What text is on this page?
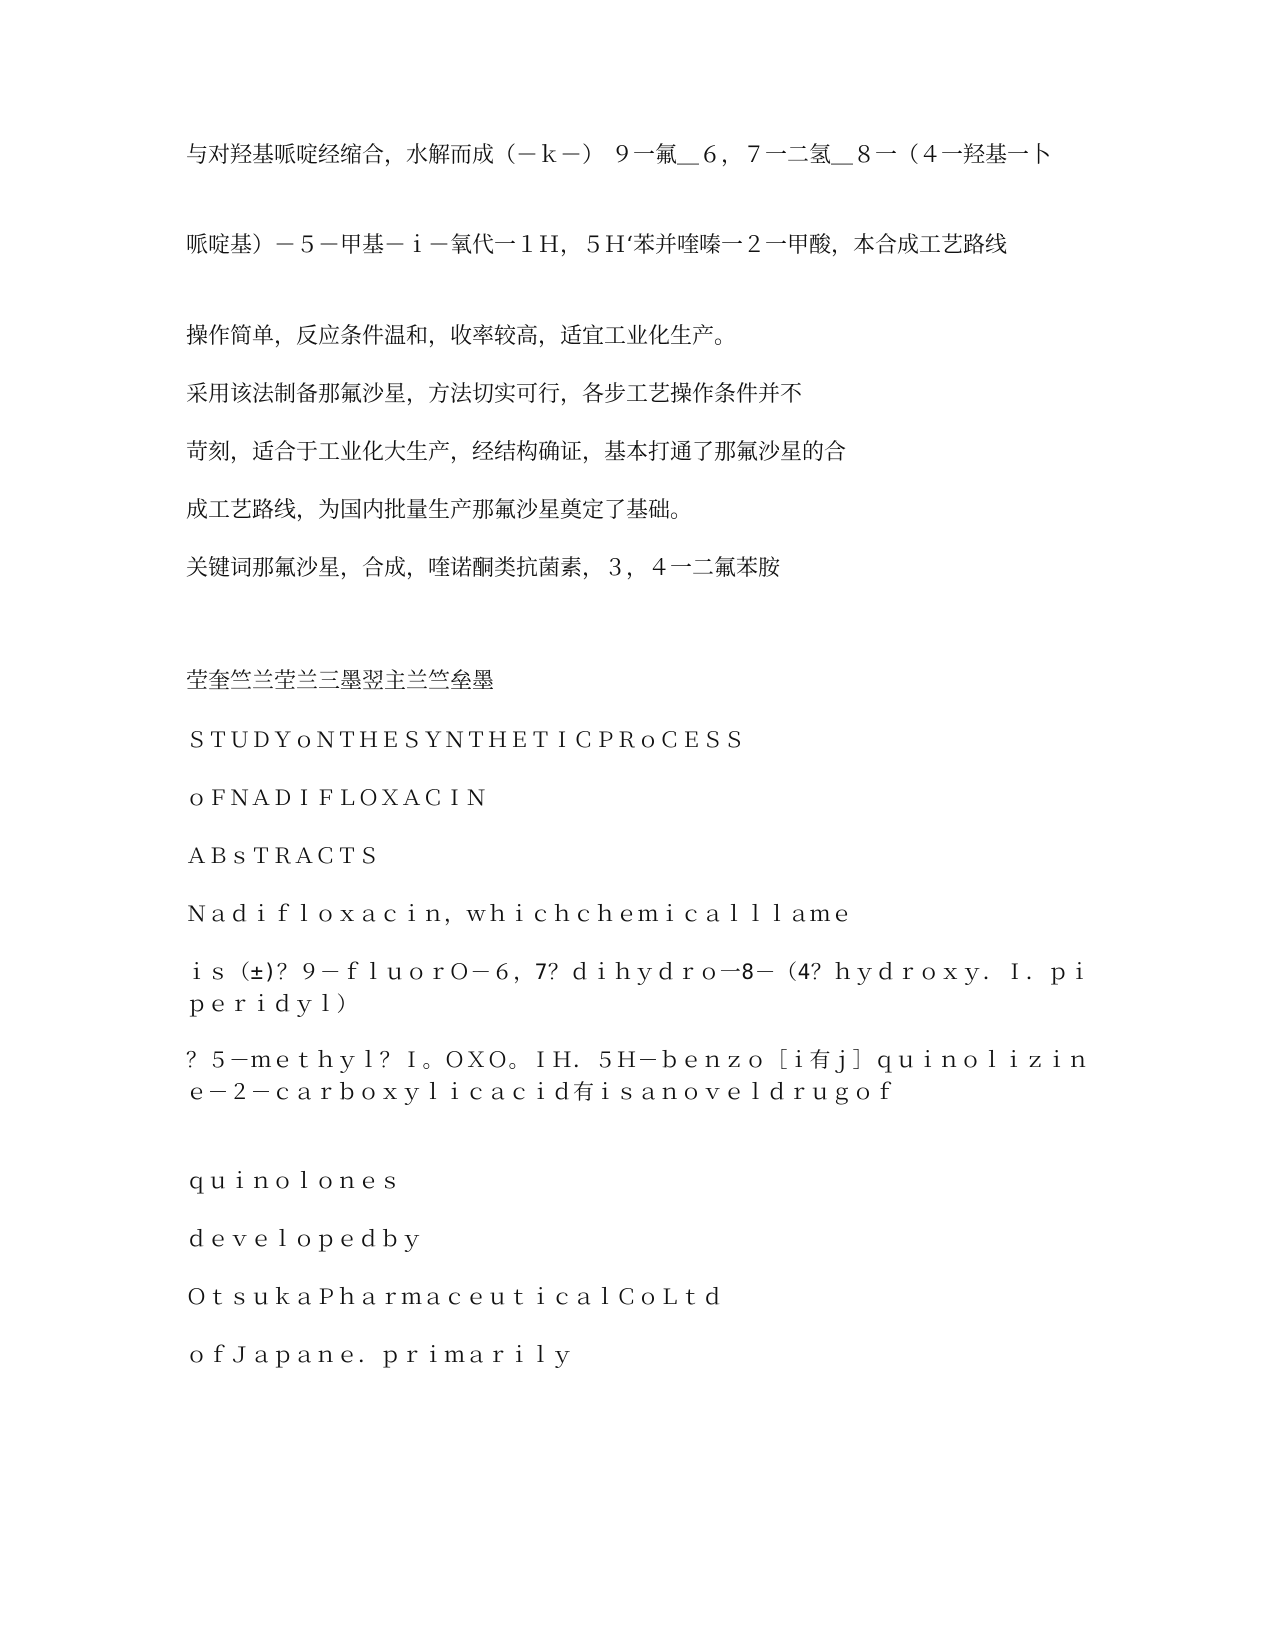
与对羟基哌啶经缩合，水解而成（－ｋ－） ９一氟＿６，７一二氢＿８一（４一羟基一卜

哌啶基）－５－甲基－ｉ－氧代一１Ｈ，５Ｈ‘苯并喹嗪一２一甲酸，本合成工艺路线

操作简单，反应条件温和，收率较高，适宜工业化生产。

采用该法制备那氟沙星，方法切实可行，各步工艺操作条件并不

苛刻，适合于工业化大生产，经结构确证，基本打通了那氟沙星的合

成工艺路线，为国内批量生产那氟沙星奠定了基础。

关键词那氟沙星，合成，喹诺酮类抗菌素，３，４一二氟苯胺

茔奎竺兰茔兰三墨翌主兰竺垒墨

ＳＴＵＤＹｏＮＴＨＥＳＹＮＴＨＥＴＩＣＰＲｏＣＥＳＳ

ｏＦＮＡＤＩＦＬＯＸＡＣＩＮ

ＡＢｓＴＲＡＣＴＳ

Ｎａｄｉｆｌｏｘａｃｉｎ，ｗｈｉｃｈｃｈｅｍｉｃａｌｌｌａｍｅ

ｉｓ（±)？９－ｆｌｕｏｒＯ－６，7？ｄｉｈｙｄｒｏ一8－（4？ｈｙｄｒｏｘｙ．Ｉ．ｐｉｐｅｒｉｄｙｌ）

？５－ｍｅｔｈｙｌ？Ｉ。ＯＸＯ。ＩＨ．５Ｈ－ｂｅｎｚｏ［ｉ有ｊ］ｑｕｉｎｏｌｉｚｉｎｅ－２－ｃａｒｂｏｘｙｌｉｃａｃｉｄ有ｉｓａｎｏｖｅｌｄｒｕｇｏｆ

ｑｕｉｎｏｌｏｎｅｓ

ｄｅｖｅｌｏｐｅｄｂｙ

ＯｔｓｕｋａＰｈａｒｍａｃｅｕｔｉｃａｌＣｏＬｔｄ

ｏｆＪａｐａｎｅ．ｐｒｉｍａｒｉｌｙ
